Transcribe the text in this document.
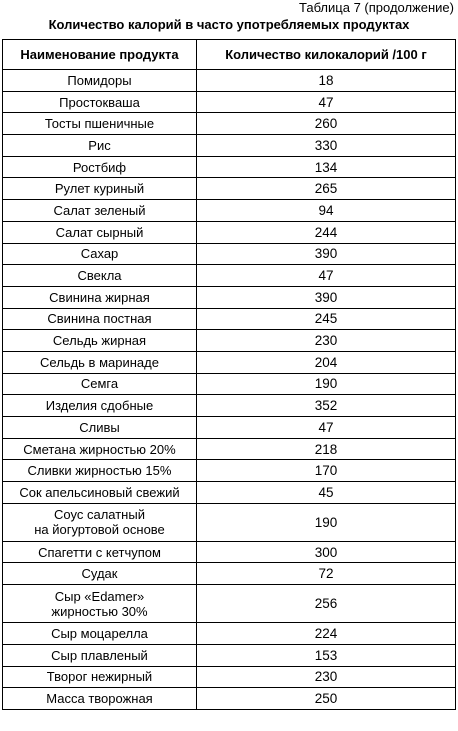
Таблица 7 (продолжение)
Количество калорий в часто употребляемых продуктах
Наименование продукта	Количество килокалорий /100 г
Помидоры	18
Простокваша	47
Тосты пшеничные	260
Рис	330
Ростбиф	134
Рулет куриный	265
Салат зеленый	94
Салат сырный	244
Сахар	390
Свекла	47
Свинина жирная	390
Свинина постная	245
Сельдь жирная	230
Сельдь в маринаде	204
Семга	190
Изделия сдобные	352
Сливы	47
Сметана жирностью 20%	218
Сливки жирностью 15%	170
Сок апельсиновый свежий	45
Соус салатный
на йогуртовой основе	190
Спагетти с кетчупом	300
Судак	72
Сыр «Edamer»
жирностью 30%	256
Сыр моцарелла	224
Сыр плавленый	153
Творог нежирный	230
Масса творожная	250
